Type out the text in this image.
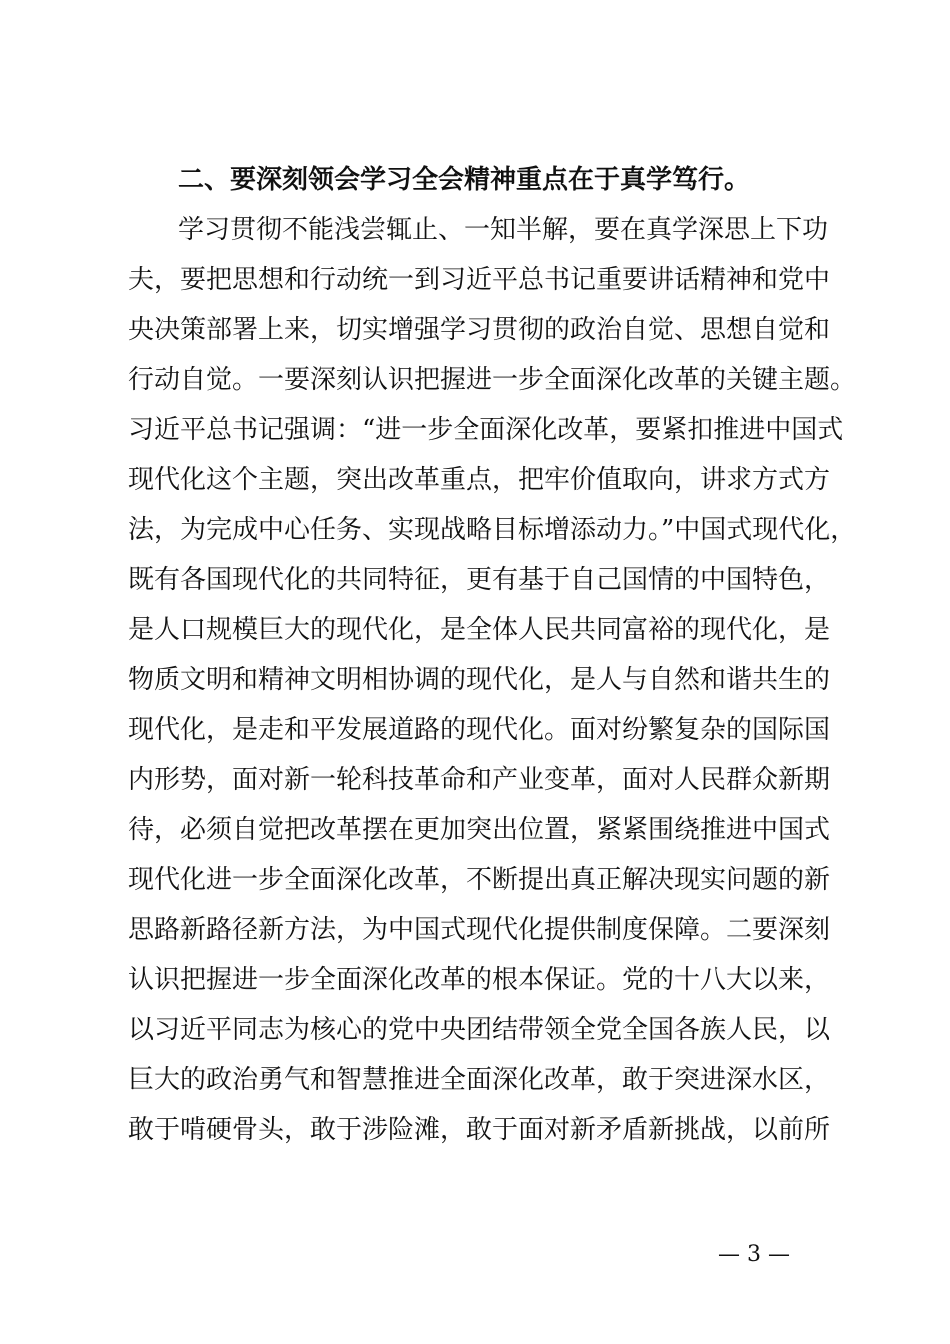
二、要深刻领会学习全会精神重点在于真学笃行。
学习贯彻不能浅尝辄止、一知半解，要在真学深思上下功
夫，要把思想和行动统一到习近平总书记重要讲话精神和党中
央决策部署上来，切实增强学习贯彻的政治自觉、思想自觉和
行动自觉。一要深刻认识把握进一步全面深化改革的关键主题。
习近平总书记强调：“进一步全面深化改革，要紧扣推进中国式
现代化这个主题，突出改革重点，把牢价值取向，讲求方式方
法，为完成中心任务、实现战略目标增添动力。”中国式现代化，
既有各国现代化的共同特征，更有基于自己国情的中国特色，
是人口规模巨大的现代化，是全体人民共同富裕的现代化，是
物质文明和精神文明相协调的现代化，是人与自然和谐共生的
现代化，是走和平发展道路的现代化。面对纷繁复杂的国际国
内形势，面对新一轮科技革命和产业变革，面对人民群众新期
待，必须自觉把改革摆在更加突出位置，紧紧围绕推进中国式
现代化进一步全面深化改革，不断提出真正解决现实问题的新
思路新路径新方法，为中国式现代化提供制度保障。二要深刻
认识把握进一步全面深化改革的根本保证。党的十八大以来，
以习近平同志为核心的党中央团结带领全党全国各族人民，以
巨大的政治勇气和智慧推进全面深化改革，敢于突进深水区，
敢于啃硬骨头，敢于涉险滩，敢于面对新矛盾新挑战，以前所
— 3 —
